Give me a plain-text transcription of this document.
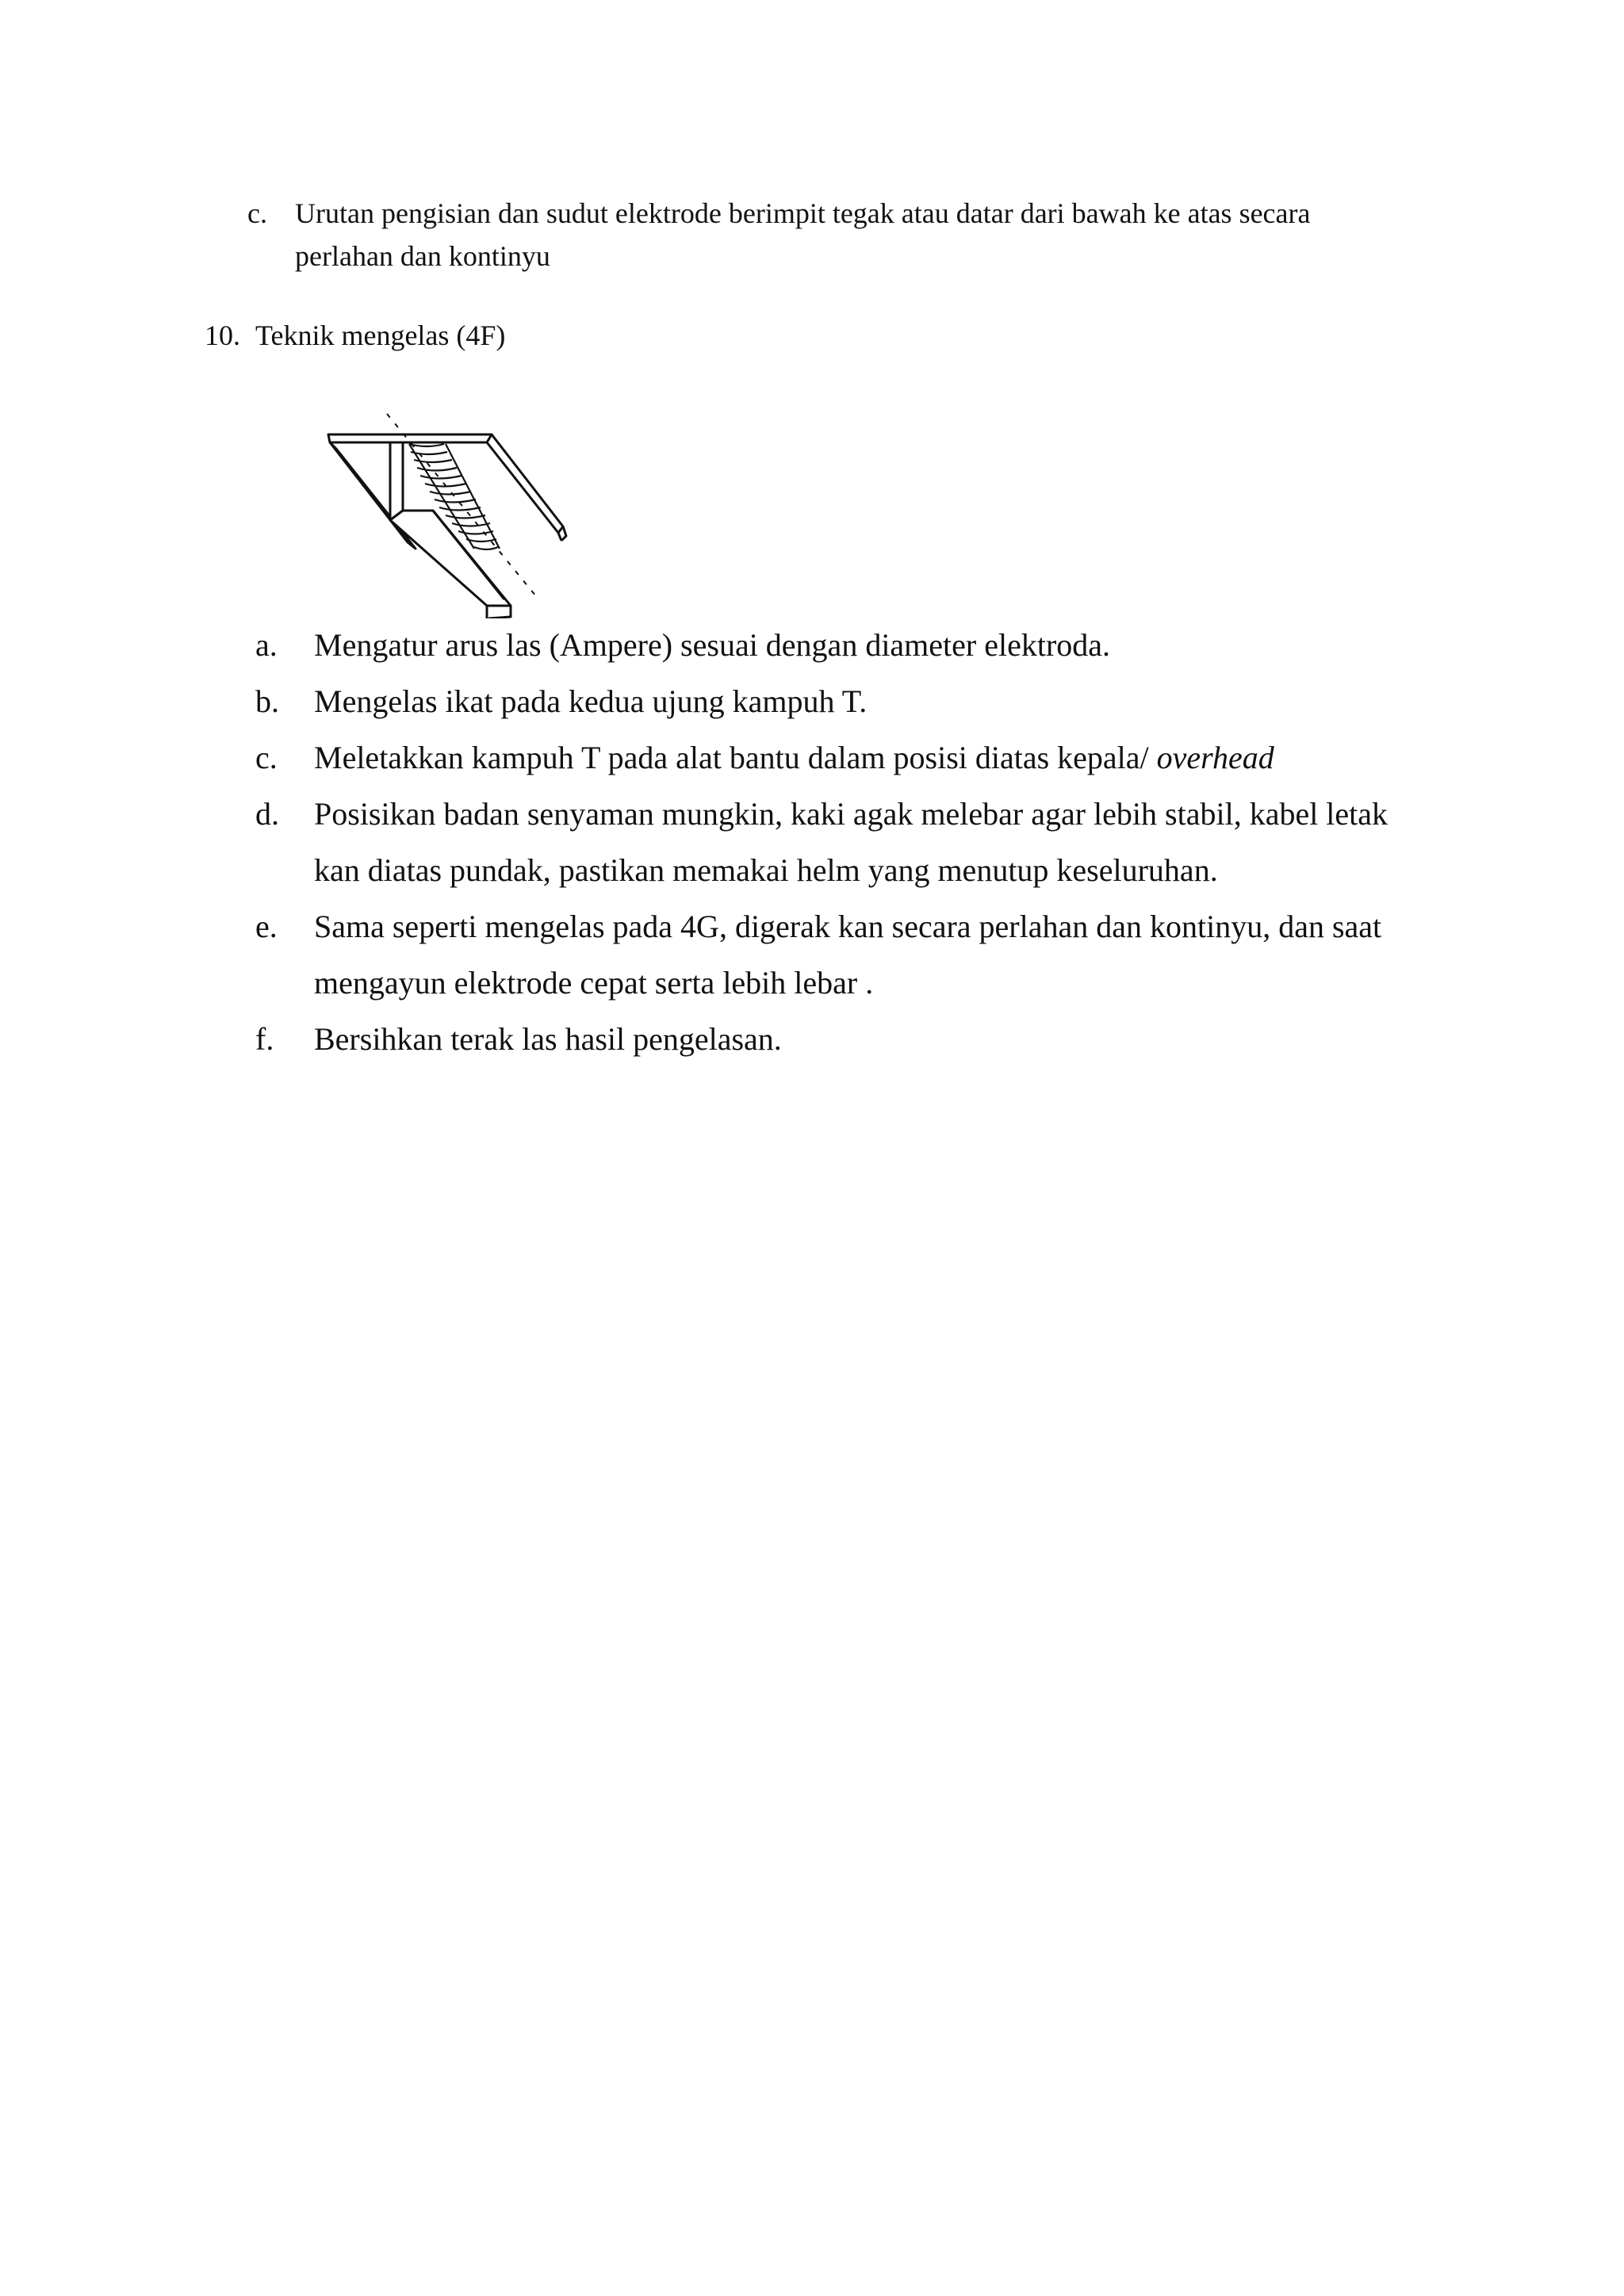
c. Urutan pengisian dan sudut elektrode berimpit tegak atau datar dari bawah ke atas secara
perlahan dan kontinyu
10. Teknik mengelas (4F)
a.	Mengatur arus las (Ampere) sesuai dengan diameter elektroda.
b.	Mengelas ikat pada kedua ujung kampuh T.
c.	Meletakkan kampuh T pada alat bantu dalam posisi diatas kepala/ overhead
d.	Posisikan badan senyaman mungkin, kaki agak melebar agar lebih stabil, kabel letak
kan diatas pundak, pastikan memakai helm yang menutup keseluruhan.
e.	Sama seperti mengelas pada 4G, digerak kan secara perlahan dan kontinyu, dan saat
mengayun elektrode cepat serta lebih lebar .
f.	Bersihkan terak las hasil pengelasan.
